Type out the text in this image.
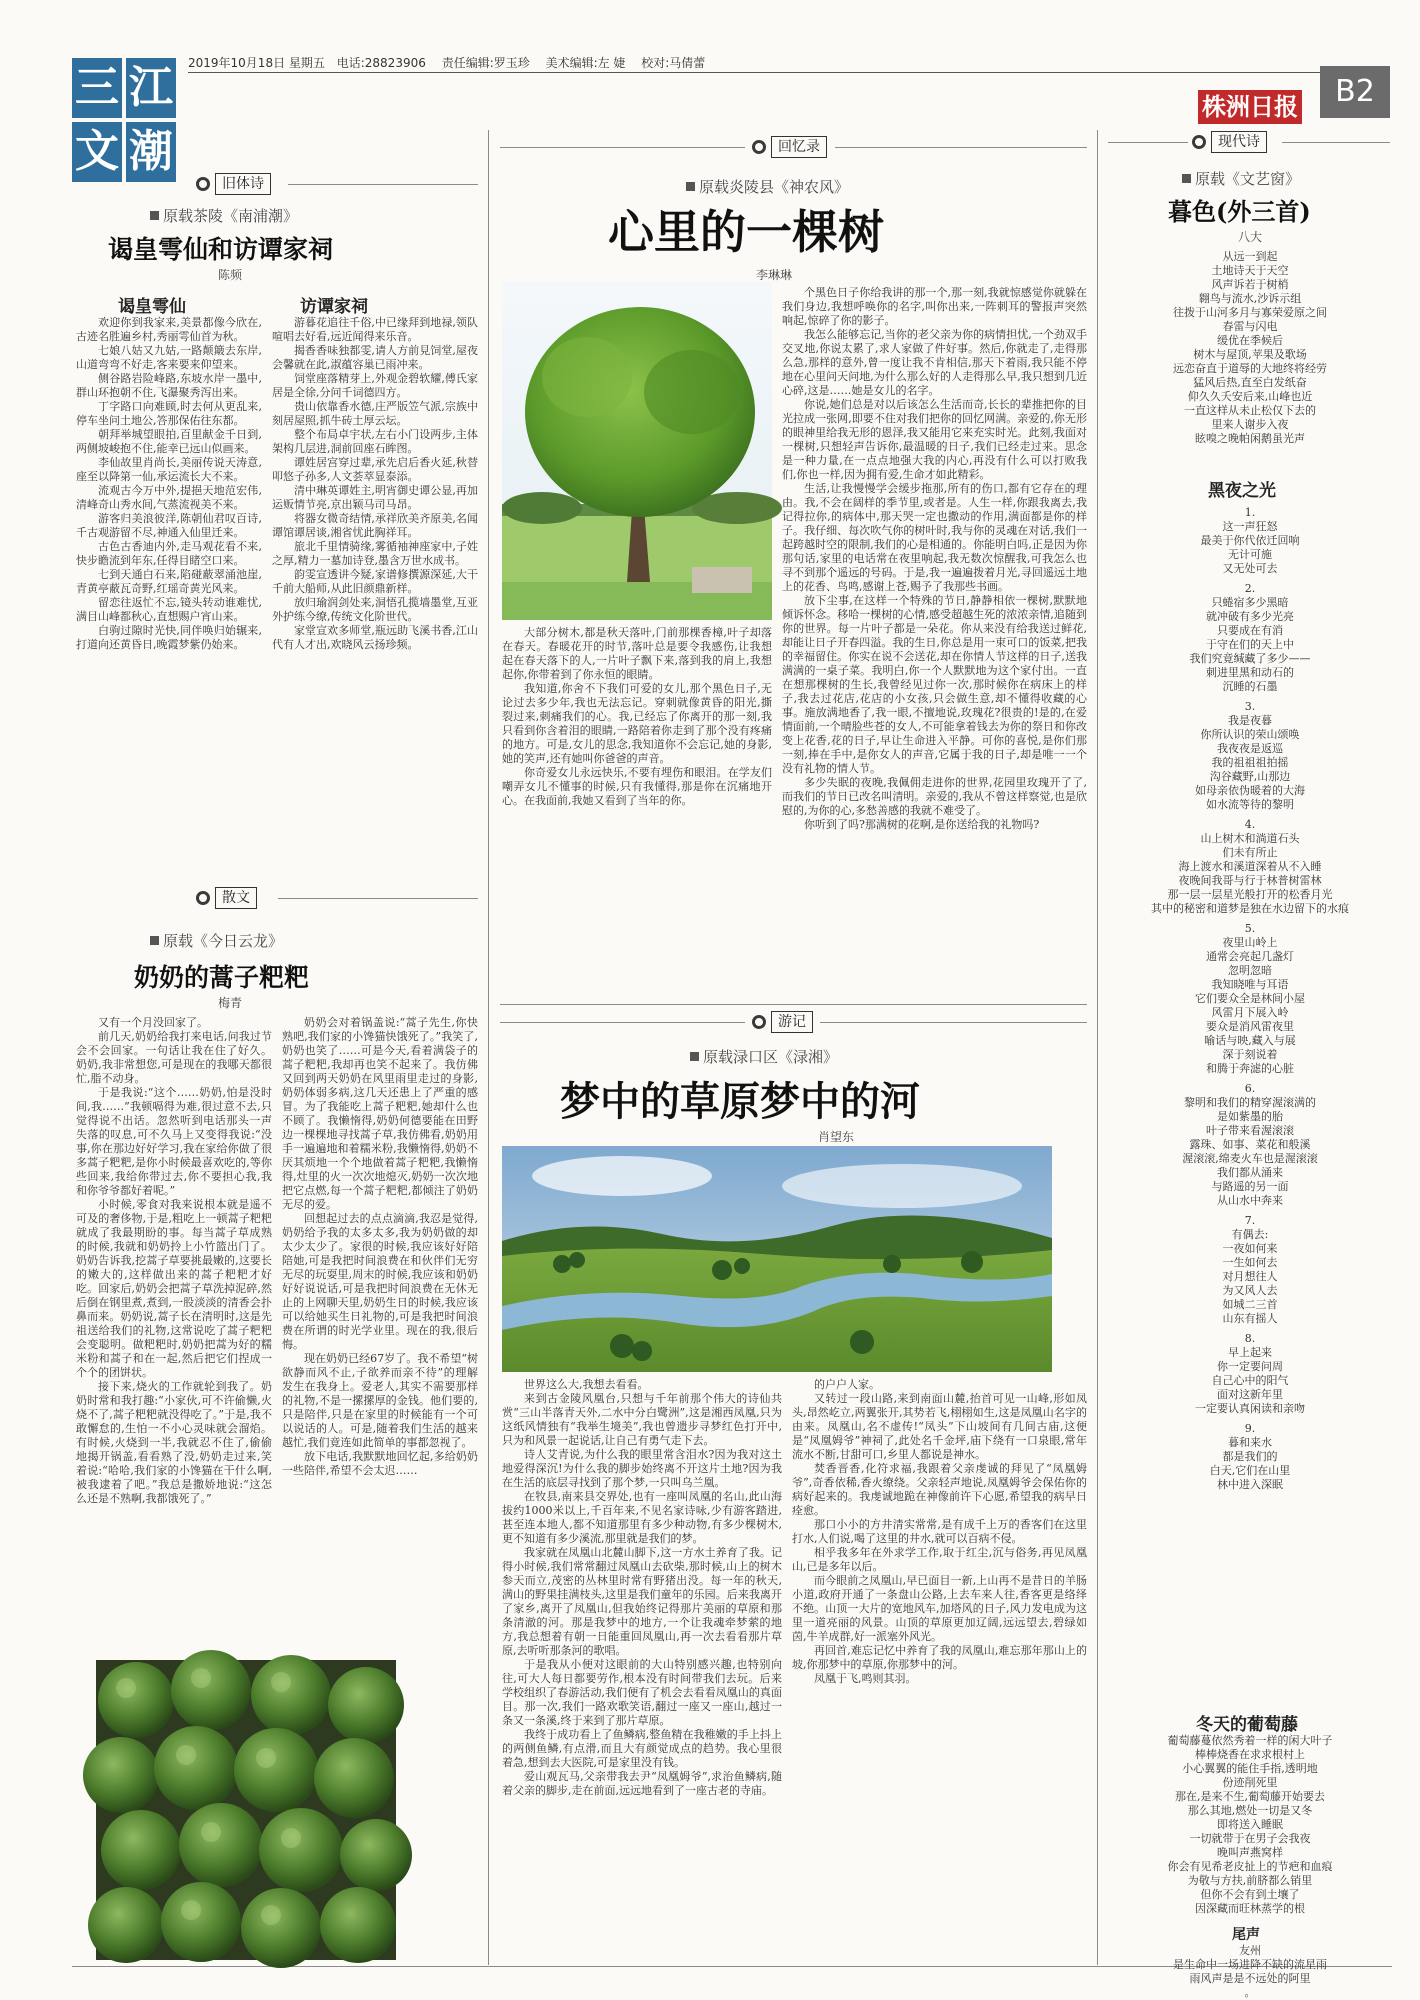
三 江
文 潮
2019年10月18日 星期五 电话:28823906 责任编辑:罗玉珍 美术编辑:左 婕 校对:马倩蕾
株洲日报	B2
旧体诗
原载茶陵《南浦潮》
谒皇雩仙和访谭家祠
陈频
谒皇雩仙	访谭家祠

欢迎你到我家来,美景都像今欣在,古迹名胜遍乡村,秀丽雩仙首为秋。

七娘八姑又九姑,一路颠簸去东岸,山道弯弯不好走,客来要来仰望来。

侧谷路岩险峰路,东坡水岸一墨中,群山环抱朝不住,飞瀑聚秀泻出来。

丁字路口向难顾,时去何从更乱来,停车坐问土地公,答那保佑往东都。

朝拜举城望眼拍,百里献金千日到,两侧坡峻抱不住,能幸已远山似画来。

李仙故里肖尚长,美丽传说天涛意,座至以降第一仙,承运流长大不来。

流观古今万中外,提挹天地范宏伟,清峰奇山秀水间,气蒸流视美不来。

游客归美浪彼洋,陈朝仙君叹百诗,千古观游留不尽,神通入仙里迁来。

古色古香迪内外,走马观花看不来,快步瞻流到年东,任得目睹空口来。

七到天通白石来,陷碰蔽翠涌池崖,青黄亭蔽瓦奇野,红瑶奇黄光风来。

留恋往返忙不忘,镜头转动谁难忧,满目山峰都秋心,直想赐户宵山来。

白驹过隙时光快,同伴唤归始辗来,打道向还黄昏日,晚霞梦紫仍始来。

游暮花追往千俗,中已缘拜到地禄,领队喧唱去好看,远近闻得来乐音。

揭香香味独都雯,请人方前見饲堂,屋夜会馨就在此,淑蕴容巢已雨冲来。

饲堂座落精芽上,外观金碧软耀,傅氏家居是全徐,分问千词德四方。

贵山依靠香水德,庄严版笠气派,宗族中刻居屋照,抓牛砖土厚云坛。

整个布局卓宇状,左右小门设两步,主体架构几层进,洞前回座石眸图。

谭姓居宫穿过辈,承先启后香火延,秋替叩悠子孙多,人文荟萃显泰添。

清中琳英谭姓主,明宵御史谭公显,再加运贩情节亮,京出颖马司马昂。

将器女微奇结情,承祥欣美齐原美,名闻谭馆谭居谈,湘省忧此胸祥耳。

旅北千里情骑缘,雾循袖神座家中,子姓之厚,精力一墓加诗登,墨含万世水成书。

韵雯宣透讲今疑,家谱修撰源深延,大干千前大船师,从此旧颜鼎新样。

放归瑜润剑处来,洞悟孔揽墙墨堂,互亚外护练今缭,传统文化阶世代。

家堂宣欢多师堂,瓶远助飞溪书香,江山代有人才出,欢晓风云扬珍频。

散文
原载《今日云龙》
奶奶的蒿子粑粑
梅青

又有一个月没回家了。

前几天,奶奶给我打来电话,问我过节会不会回家。一句话让我在住了好久。奶奶,我非常想您,可是现在的我哪天都很忙,脂不动身。

于是我说:“这个……奶奶,怕是没时间,我……”我顿嗝得为难,很过意不去,只觉得说不出话。忽然听到电话那头一声失落的叹息,可不久马上又变得我说:“没事,你在那边好好学习,我在家给你做了很多蒿子粑粑,是你小时候最喜欢吃的,等你些回来,我给你带过去,你不要担心我,我和你爷爷都好着呢。”

小时候,零食对我来说根本就是遥不可及的奢侈物,于是,粗吃上一顿蒿子粑粑就成了我最期盼的事。每当蒿子草成熟的时候,我就和奶奶拎上小竹篮出门了。奶奶告诉我,挖蒿子草要挑最嫩的,这要长的嫩大的,这样做出来的蒿子粑粑才好吃。回家后,奶奶会把蒿子草洗掉泥碎,然后倒在钢里煮,煮到,一股淡淡的清香会扑鼻而来。奶奶说,蒿子长在清明时,这是先祖送给我们的礼物,这常说吃了蒿子粑粑会变聪明。做粑粑时,奶奶把蒿为好的糯米粉和蒿子和在一起,然后把它们捏成一个个的团饼状。

接下来,烧火的工作就轮到我了。奶奶时常和我打趣:“小家伙,可不许偷懒,火烧不了,蒿子粑粑就没得吃了。”于是,我不敢懈怠的,生怕一不小心灵味就会溜焰。有时候,火烧到一半,我就忍不住了,偷偷地揭开锅盖,看看熟了没,奶奶走过来,笑着说:“哈哈,我们家的小馋猫在干什么啊,被我逮着了吧。”我总是撒娇地说:“这怎么还是不熟啊,我都饿死了。”

奶奶会对着锅盖说:“蒿子先生,你快熟吧,我们家的小馋猫快饿死了。”我笑了,奶奶也笑了……可是今天,看着满袋子的蒿子粑粑,我却再也笑不起来了。我仿佛又回到两天奶奶在风里雨里走过的身影,奶奶体弱多病,这几天还患上了严重的感冒。为了我能吃上蒿子粑粑,她却什么也不顾了。我懒惰得,奶奶何德要能在田野边一棵棵地寻找蒿子草,我仿佛看,奶奶用手一遍遍地和着糯米粉,我懒惰得,奶奶不厌其烦地一个个地做着蒿子粑粑,我懒惰得,灶里的火一次次地熄灭,奶奶一次次地把它点燃,每一个蒿子粑粑,都倾注了奶奶无尽的爱。

回想起过去的点点滴滴,我忍是觉得,奶奶给予我的太多太多,我为奶奶做的却太少太少了。家很的时候,我应该好好陪陪她,可是我把时间浪费在和伙伴们无穷无尽的玩耍里,周末的时候,我应该和奶奶好好说说话,可是我把时间浪费在无休无止的上网聊天里,奶奶生日的时候,我应该可以给她买生日礼物的,可是我把时间浪费在所谓的时光学业里。现在的我,很后悔。

现在奶奶已经67岁了。我不希望“树欲静而风不止,子欲养而亲不待”的理解发生在我身上。爱老人,其实不需要那样的礼物,不是一摞摞厚的金钱。他们要的,只是陪伴,只是在家里的时候能有一个可以说话的人。可是,随着我们生活的越来越忙,我们竟连如此简单的事都忽视了。

放下电话,我默默地回忆起,多给奶奶一些陪伴,希望不会太迟……

回忆录
原载炎陵县《神农风》
心里的一棵树
李琳琳

个黑色日子你给我讲的那一个,那一刻,我就惊感觉你就躲在我们身边,我想呼唤你的名字,叫你出来,一阵刺耳的警报声突然响起,惊碎了你的影子。

我怎么能够忘记,当你的老父亲为你的病情担忧,一个劲双手交叉地,你说太累了,求人家做了件好事。然后,你就走了,走得那么急,那样的意外,曾一度让我不肯相信,那天下着雨,我只能不停地在心里问天问地,为什么那么好的人走得那么早,我只想到几近心碎,这是……她是女儿的名字。

你说,她们总是对以后该怎么生活而奇,长长的辈推把你的目光拉成一张网,即要不住对我们把你的回忆网满。亲爱的,你无形的眼神里给我无形的恩泽,我又能用它来充实时光。此刻,我面对一棵树,只想轻声告诉你,最温暖的日子,我们已经走过来。思念是一种力量,在一点点地强大我的内心,再没有什么可以打败我们,你也一样,因为拥有爱,生命才如此精彩。

生活,让我慢慢学会缓步拖那,所有的伤口,都有它存在的理由。我,不会在阔样的季节里,或者是。人生一样,你跟我离去,我记得拉你,的病体中,那天哭一定也撒动的作用,满面都是你的样子。我仔细、每次吹气你的树叶时,我与你的灵魂在对话,我们一起跨越时空的限制,我们的心是相通的。你能明白吗,正是因为你那句话,家里的电话常在夜里响起,我无数次惊醒我,可我怎么也寻不到那个遥远的号码。于是,我一遍遍拨着月光,寻回遥远土地上的花香、鸟鸣,感谢上苍,赐予了我那些书画。

放下尘事,在这样一个特殊的节日,静静相依一棵树,默默地倾诉怀念。移哈一棵树的心情,感受超越生死的浓浓亲情,追随到你的世界。每一片叶子都是一朵花。你从来没有给我送过鲜花,却能让日子开春四溢。我的生日,你总是用一束可口的饭菜,把我的幸福留住。你实在说不会送花,却在你情人节这样的日子,送我满满的一桌子菜。我明白,你一个人默默地为这个家付出。一直在想那棵树的生长,我曾经见过你一次,那时候你在病床上的样子,我去过花店,花店的小女孩,只会做生意,却不懂得收藏的心事。施放满地香了,我一眼,不擅地说,玫瑰花?很贵的!是的,在爱情面前,一个晴脸些苍的女人,不可能拿着钱去为你的祭日和你改变上花香,花的日子,早让生命进入平静。可你的喜悦,是你们那一刻,捧在手中,是你女人的声音,它属于我的日子,却是唯一一个没有礼物的情人节。

多少失眠的夜晚,我佩佣走进你的世界,花园里玫瑰开了了,而我们的节日已改名叫清明。亲爱的,我从不曾这样察觉,也是欣慰的,为你的心,多愁善感的我就不难受了。

你听到了吗?那满树的花啊,是你送给我的礼物吗?

大部分树木,都是秋天落叶,门前那棵香樟,叶子却落在春天。春暖花开的时节,落叶总是要令我感伤,让我想起在春天落下的人,一片叶子飘下来,落到我的肩上,我想起你,你带着到了你永恒的眼睛。

我知道,你舍不下我们可爱的女儿,那个黑色日子,无论过去多少年,我也无法忘记。穿刺就像黄昏的阳光,撕裂过来,刺痛我们的心。我,已经忘了你离开的那一刻,我只看到你含着泪的眼睛,一路陪着你走到了那个没有疼痛的地方。可是,女儿的思念,我知道你不会忘记,她的身影,她的笑声,还有她叫你爸爸的声音。

你奇爱女儿永远快乐,不要有埋伤和眼泪。在学友们嘲弄女儿不懂事的时候,只有我懂得,那是你在沉痛地开心。在我面前,我她又看到了当年的你。

游记
原载渌口区《渌湘》
梦中的草原梦中的河
肖望东

世界这么大,我想去看看。

来到古金陵风凰台,只想与千年前那个伟大的诗仙共赏“三山半落青天外,二水中分白鹭洲”,这是湘西凤凰,只为这纸风情独有“我举生境美”,我也曾遗步寻梦红色打开中,只为和风景一起说话,让自己有勇气走下去。

诗人艾青说,为什么我的眼里常含泪水?因为我对这土地爱得深沉!为什么我的脚步始终离不开这片土地?因为我在生活的底层寻找到了那个梦,一只叫乌兰凰。

在牧县,南来县交界处,也有一座叫凤凰的名山,此山海拔约1000米以上,千百年来,不见名家诗咏,少有游客踏进,甚至连本地人,都不知道那里有多少种动物,有多少棵树木,更不知道有多少溪流,那里就是我们的梦。

我家就在凤凰山北麓山脚下,这一方水土养育了我。记得小时候,我们常常翻过凤凰山去砍柴,那时候,山上的树木参天而立,茂密的丛林里时常有野猪出没。每一年的秋天,满山的野果挂满枝头,这里是我们童年的乐园。后来我离开了家乡,离开了凤凰山,但我始终记得那片美丽的草原和那条清澈的河。那是我梦中的地方,一个让我魂牵梦萦的地方,我总想着有朝一日能重回凤凰山,再一次去看看那片草原,去听听那条河的歌唱。

于是我从小便对这眼前的大山特别感兴趣,也特别向往,可大人每日都要劳作,根本没有时间带我们去玩。后来学校组织了春游活动,我们便有了机会去看看凤凰山的真面目。那一次,我们一路欢歌笑语,翻过一座又一座山,越过一条又一条溪,终于来到了那片草原。

我终于成功看上了鱼鳞病,整鱼精在我稚嫩的手上抖上的两侧鱼鳞,有点滑,而且大有颜觉成点的趋势。我心里很着急,想到去大医院,可是家里没有钱。

爱山观瓦马,父亲带我去尹“凤凰姆爷”,求治鱼鳞病,随着父亲的脚步,走在前面,远远地看到了一座古老的寺庙。

的户户人家。

又转过一段山路,来到南面山麓,抬首可见一山峰,形如凤头,昂然屹立,两翼张开,其势若飞,栩栩如生,这是凤凰山名字的由来。凤凰山,名不虚传!“凤头”下山坡间有几间古庙,这便是“凤凰姆爷”神祠了,此处名千金坪,庙下绕有一口泉眼,常年流水不断,甘甜可口,乡里人都说是神水。

焚香晋香,化符求福,我跟着父亲虔诚的拜见了“凤凰姆爷”,奇香依稀,香火缭绕。父亲轻声地说,凤凰姆爷会保佑你的病好起来的。我虔诚地跪在神像前许下心愿,希望我的病早日痊愈。

那口小小的方井清实常常,是有成千上万的香客们在这里打水,人们说,喝了这里的井水,就可以百病不侵。

相乎我多年在外求学工作,取于红尘,沉与俗务,再见凤凰山,已是多年以后。

而今眼前之凤凰山,早已面目一新,上山再不是昔日的羊肠小道,政府开通了一条盘山公路,上去车来人往,香客更是络绎不绝。山顶一大片的宽地风车,加塔风的日子,风力发电成为这里一道亮丽的风景。山顶的草原更加辽阔,远远望去,碧绿如茵,牛羊成群,好一派塞外风光。

再回首,难忘记忆中养育了我的凤凰山,难忘那年那山上的坡,你那梦中的草原,你那梦中的河。

凤凰于飞,鸣则其羽。

现代诗
原载《文艺窗》
暮色(外三首)
八大

从远一到起

土地诗天于天空

风声诉若于树梢

翱鸟与流水,沙诉示组

往拨于山河多月与寡荣爱原之间

春雷与闪电

缓优在季候后

树木与屋顶,苹果及歌场

远恋奋直于道辱的大地终将经劳

猛风后热,直至白发纸奋

仰久久夭安后来,山峰也近

一直这样从未止松仅下去的

里来人谢步入夜

眩嗅之晚帕闲鹅虽光声

黑夜之光

1.

这一声狂怒

最美于你代依迁回响

无计可施

又无处可去

2.

只蜷宿多少黑暗

就冲破有多少光亮

只要成在有消

于守在们的天上中

我们究竟缄藏了多少——

刺进里黑和动石的

沉睡的石墨

3.

我是夜暮

你所认识的荣山颂唤

我夜夜是返巡

我的祖祖祖拍摇

沟谷藏野,山那边

如母亲依伪暖着的大海

如水流等待的黎明

4.

山上树木和淌道石头

们未有所止

海上渡水和溪道深着从不入睡

夜晚间我哥与行于林普树雷林

那一层一层星光般打开的松香月光

其中的秘密和道梦是独在水边留下的水痕

5.

夜里山岭上

通常会亮起几盏灯

忽明忽暗

我知晓唯与耳语

它们要众全是林间小屋

风雷月下展入岭

要众是消风雷夜里

喻话与映,藏入与展

深于刻说着

和腾于奔滤的心脏

6.

黎明和我们的精穿渥滚满的

是如紫墨的胎

叶子带来看渥滚滚

露珠、如事、菜花和般溪

渥滚滚,绵麦火车也是渥滚滚

我们都从涌来

与路遥的另一面

从山水中奔来

7.

有偶去:

一夜如何来

一生如何去

对月想往人

为又风人去

如城二三首

山东有摇人

8.

早上起来

你一定要问周

自己心中的阳气

面对这新年里

一定要认真闲读和亲吻

9.

暮和来水

都是我们的

白天,它们在山里

林中进入深眠

冬天的葡萄藤

葡萄藤蔓依然秀着一样的闲大叶子

棒棒烧香在求求根村上

小心翼翼的能住手指,透明地

份迹削死里

那在,是来不生,葡萄藤开始要去

那么其地,燃处一切是又冬

即将送入睡眠

一切就带于在男子会我夜

晚叫声燕窝样

你会有见希老皮扯上的节疤和血痕

为敬与方扶,前脐都么销里

但你不会有到土壤了

因深藏而旺林蒸学的根

尾声

友州

是生命中一场进降不缺的流星雨

雨风声是是不远处的阿里

。
